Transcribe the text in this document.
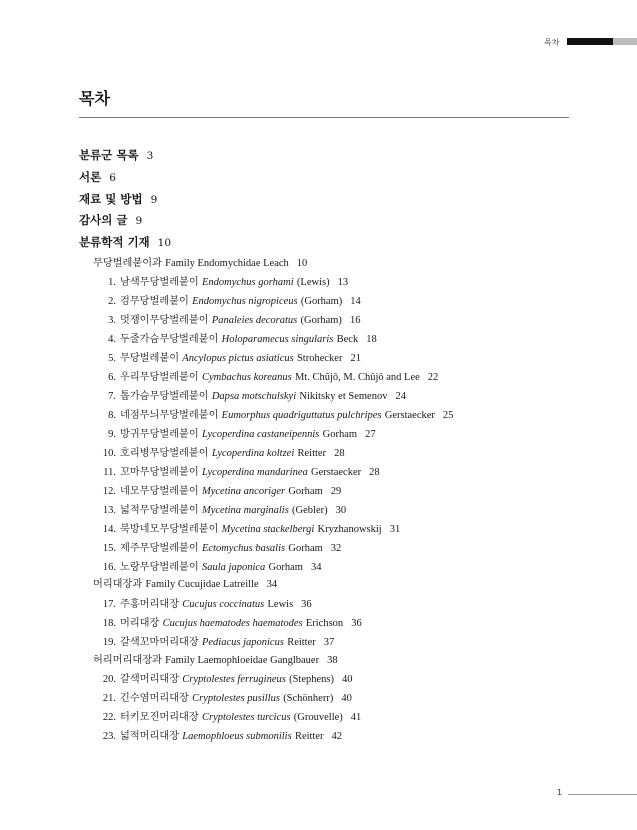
목차
목차
분류군 목록 3
서론 6
재료 및 방법 9
감사의 글 9
분류학적 기재 10
무당벌레붙이과 Family Endomychidae Leach 10
1. 남색무당벌레붙이 Endomychus gorhami (Lewis) 13
2. 검무당벌레붙이 Endomychus nigropiceus (Gorham) 14
3. 멋쟁이무당벌레붙이 Panaleies decoratus (Gorham) 16
4. 두줄가슴무당벌레붙이 Holoparamecus singularis Beck 18
5. 무당벌레붙이 Ancylopus pictus asiaticus Strohecker 21
6. 우리무당벌레붙이 Cymbachus koreanus Mt. Chûjô, M. Chûjô and Lee 22
7. 톱가슴무당벌레붙이 Dapsa motschulskyi Nikitsky et Semenov 24
8. 네점무늬무당벌레붙이 Eumorphus quadriguttatus pulchripes Gerstaecker 25
9. 방귀무당벌레붙이 Lycoperdina castaneipennis Gorham 27
10. 호리병무당벌레붙이 Lycoperdina koltzei Reitter 28
11. 꼬마무당벌레붙이 Lycoperdina mandarinea Gerstaecker 28
12. 네모무당벌레붙이 Mycetina ancoriger Gorham 29
13. 넓적무당벌레붙이 Mycetina marginalis (Gebler) 30
14. 북방네모무당벌레붙이 Mycetina stackelbergi Kryzhanowskij 31
15. 제주무당벌레붙이 Ectomychus basalis Gorham 32
16. 노랑무당벌레붙이 Saula japonica Gorham 34
머리대장과 Family Cucujidae Latreille 34
17. 주홍머리대장 Cucujus coccinatus Lewis 36
18. 머리대장 Cucujus haematodes haematodes Erichson 36
19. 갈색꼬마머리대장 Pediacus japonicus Reitter 37
허리머리대장과 Family Laemophloeidae Ganglbauer 38
20. 갈색머리대장 Cryptolestes ferrugineus (Stephens) 40
21. 긴수염머리대장 Cryptolestes pusillus (Schönherr) 40
22. 터키모진머리대장 Cryptolestes turcicus (Grouvelle) 41
23. 넓적머리대장 Laemophloeus submonilis Reitter 42
1
